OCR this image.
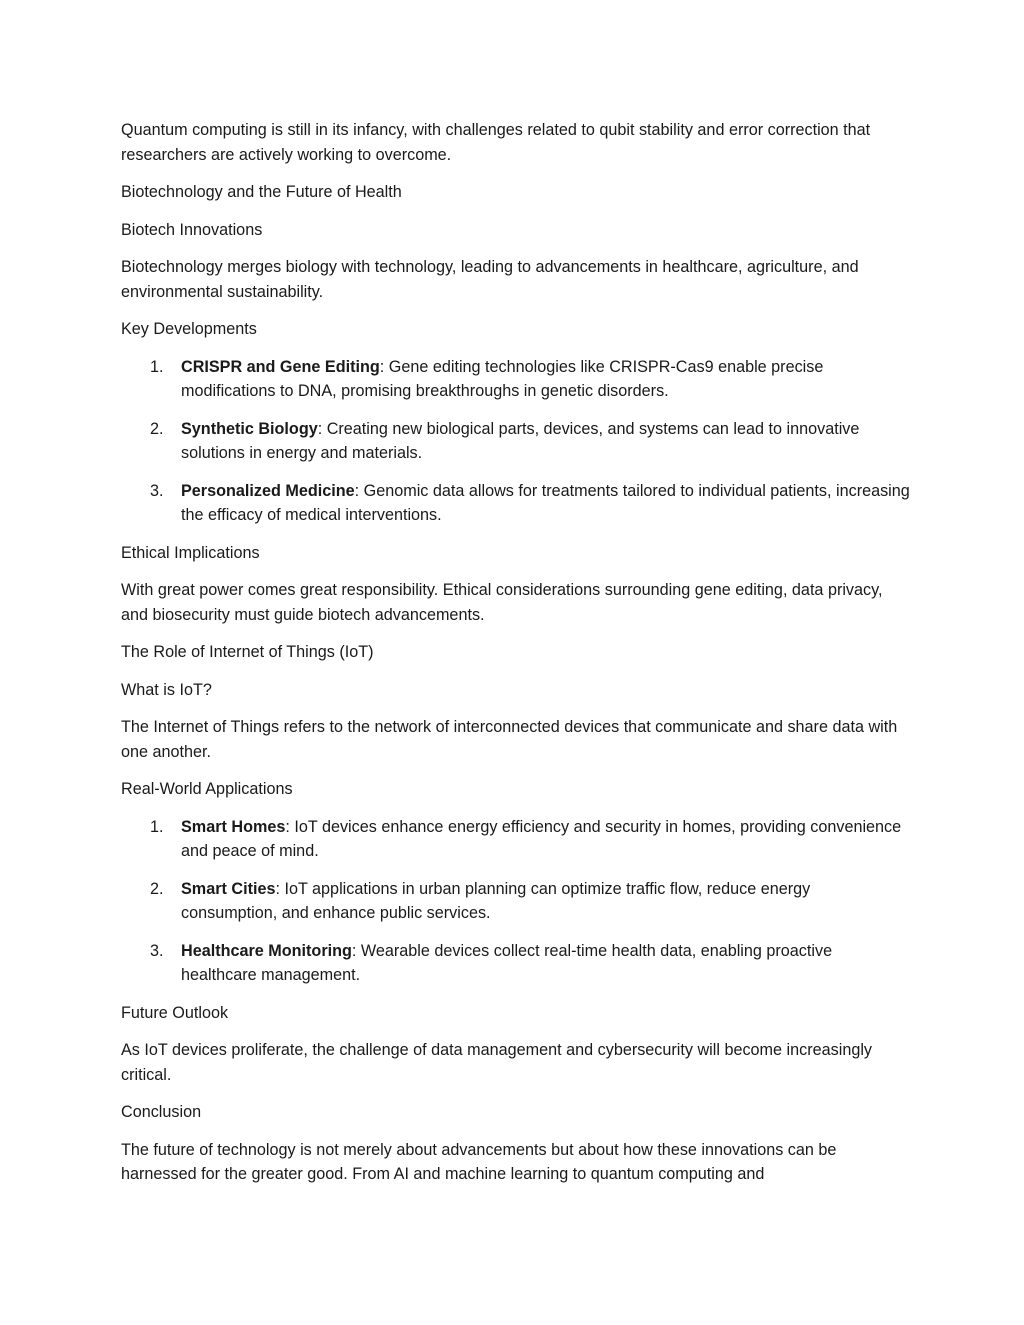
Quantum computing is still in its infancy, with challenges related to qubit stability and error correction that researchers are actively working to overcome.

Biotechnology and the Future of Health

Biotech Innovations

Biotechnology merges biology with technology, leading to advancements in healthcare, agriculture, and environmental sustainability.

Key Developments

1. CRISPR and Gene Editing: Gene editing technologies like CRISPR-Cas9 enable precise modifications to DNA, promising breakthroughs in genetic disorders.
2. Synthetic Biology: Creating new biological parts, devices, and systems can lead to innovative solutions in energy and materials.
3. Personalized Medicine: Genomic data allows for treatments tailored to individual patients, increasing the efficacy of medical interventions.

Ethical Implications

With great power comes great responsibility. Ethical considerations surrounding gene editing, data privacy, and biosecurity must guide biotech advancements.

The Role of Internet of Things (IoT)

What is IoT?

The Internet of Things refers to the network of interconnected devices that communicate and share data with one another.

Real-World Applications

1. Smart Homes: IoT devices enhance energy efficiency and security in homes, providing convenience and peace of mind.
2. Smart Cities: IoT applications in urban planning can optimize traffic flow, reduce energy consumption, and enhance public services.
3. Healthcare Monitoring: Wearable devices collect real-time health data, enabling proactive healthcare management.

Future Outlook

As IoT devices proliferate, the challenge of data management and cybersecurity will become increasingly critical.

Conclusion

The future of technology is not merely about advancements but about how these innovations can be harnessed for the greater good. From AI and machine learning to quantum computing and
